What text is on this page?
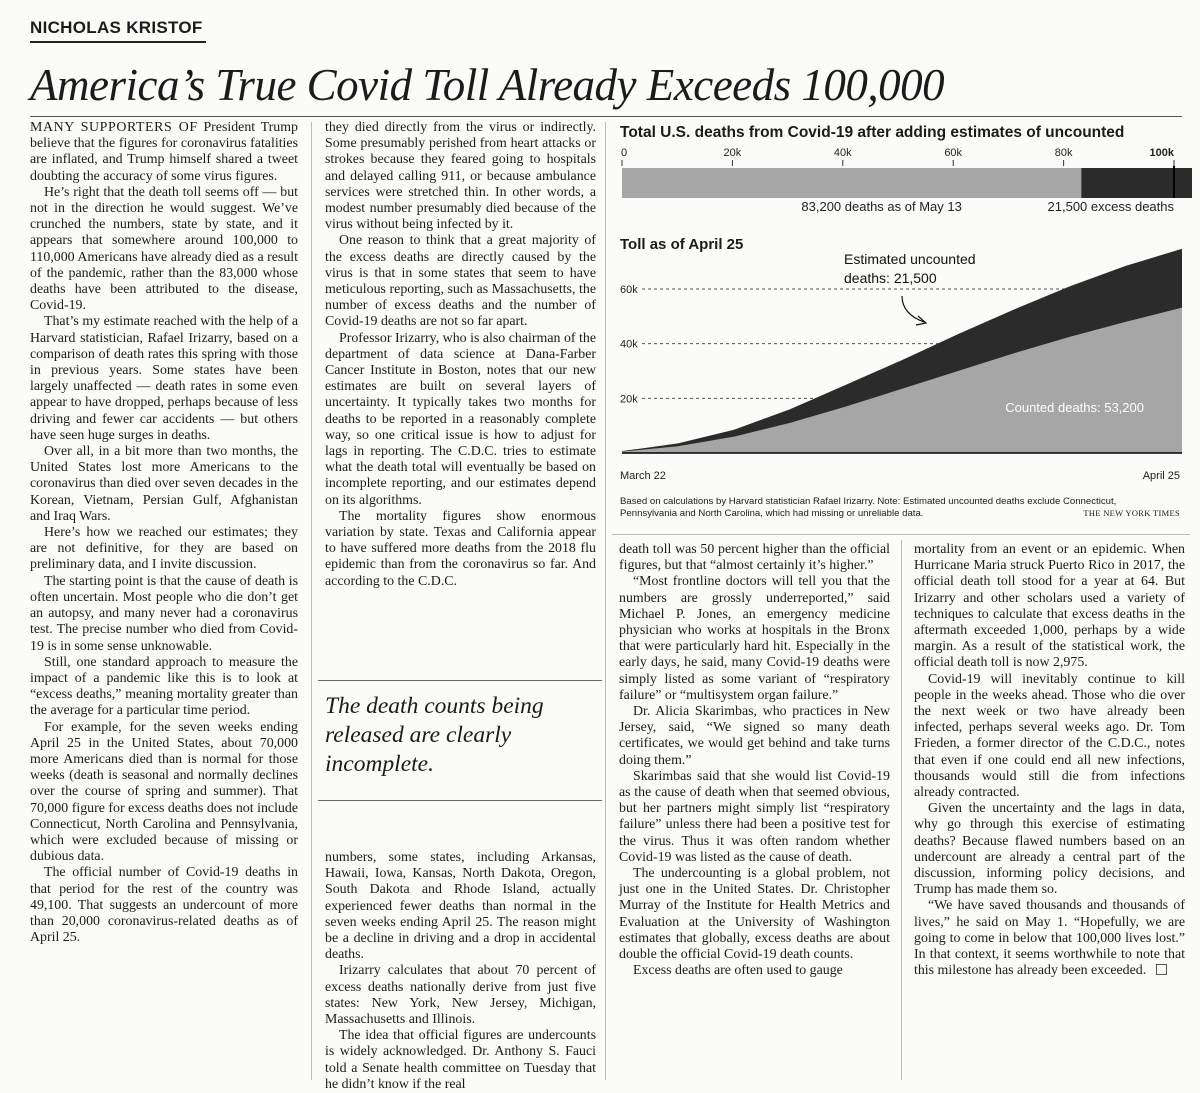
NICHOLAS KRISTOF
America’s True Covid Toll Already Exceeds 100,000

MANY SUPPORTERS OF President Trump believe that the figures for coronavirus fatalities are inflated, and Trump himself shared a tweet doubting the accuracy of some virus figures.

He’s right that the death toll seems off — but not in the direction he would suggest. We’ve crunched the numbers, state by state, and it appears that somewhere around 100,000 to 110,000 Americans have already died as a result of the pandemic, rather than the 83,000 whose deaths have been attributed to the disease, Covid-19.

That’s my estimate reached with the help of a Harvard statistician, Rafael Irizarry, based on a comparison of death rates this spring with those in previous years. Some states have been largely unaffected — death rates in some even appear to have dropped, perhaps because of less driving and fewer car accidents — but others have seen huge surges in deaths.

Over all, in a bit more than two months, the United States lost more Americans to the coronavirus than died over seven decades in the Korean, Vietnam, Persian Gulf, Afghanistan and Iraq Wars.

Here’s how we reached our estimates; they are not definitive, for they are based on preliminary data, and I invite discussion.

The starting point is that the cause of death is often uncertain. Most people who die don’t get an autopsy, and many never had a coronavirus test. The precise number who died from Covid-19 is in some sense unknowable.

Still, one standard approach to measure the impact of a pandemic like this is to look at “excess deaths,” meaning mortality greater than the average for a particular time period.

For example, for the seven weeks ending April 25 in the United States, about 70,000 more Americans died than is normal for those weeks (death is seasonal and normally declines over the course of spring and summer). That 70,000 figure for excess deaths does not include Connecticut, North Carolina and Pennsylvania, which were excluded because of missing or dubious data.

The official number of Covid-19 deaths in that period for the rest of the country was 49,100. That suggests an undercount of more than 20,000 coronavirus-related deaths as of April 25.

they died directly from the virus or indirectly. Some presumably perished from heart attacks or strokes because they feared going to hospitals and delayed calling 911, or because ambulance services were stretched thin. In other words, a modest number presumably died because of the virus without being infected by it.

One reason to think that a great majority of the excess deaths are directly caused by the virus is that in some states that seem to have meticulous reporting, such as Massachusetts, the number of excess deaths and the number of Covid-19 deaths are not so far apart.

Professor Irizarry, who is also chairman of the department of data science at Dana-Farber Cancer Institute in Boston, notes that our new estimates are built on several layers of uncertainty. It typically takes two months for deaths to be reported in a reasonably complete way, so one critical issue is how to adjust for lags in reporting. The C.D.C. tries to estimate what the death total will eventually be based on incomplete reporting, and our estimates depend on its algorithms.

The mortality figures show enormous variation by state. Texas and California appear to have suffered more deaths from the 2018 flu epidemic than from the coronavirus so far. And according to the C.D.C.

The death counts being released are clearly incomplete.

numbers, some states, including Arkansas, Hawaii, Iowa, Kansas, North Dakota, Oregon, South Dakota and Rhode Island, actually experienced fewer deaths than normal in the seven weeks ending April 25. The reason might be a decline in driving and a drop in accidental deaths.

Irizarry calculates that about 70 percent of excess deaths nationally derive from just five states: New York, New Jersey, Michigan, Massachusetts and Illinois.

The idea that official figures are undercounts is widely acknowledged. Dr. Anthony S. Fauci told a Senate health committee on Tuesday that he didn’t know if the real

0	20k	40k	60k	80k	100k
83,200 deaths as of May 13	21,500 excess deaths
20k
40k
60k
March 22	April 25
Estimated uncounted
deaths: 21,500
Counted deaths: 53,200
Total U.S. deaths from Covid-19 after adding estimates of uncounted
Toll as of April 25
Based on calculations by Harvard statistician Rafael Irizarry. Note: Estimated uncounted deaths exclude Connecticut, Pennsylvania and North Carolina, which had missing or unreliable data.	THE NEW YORK TIMES

death toll was 50 percent higher than the official figures, but that “almost certainly it’s higher.”

“Most frontline doctors will tell you that the numbers are grossly underreported,” said Michael P. Jones, an emergency medicine physician who works at hospitals in the Bronx that were particularly hard hit. Especially in the early days, he said, many Covid-19 deaths were simply listed as some variant of “respiratory failure” or “multisystem organ failure.”

Dr. Alicia Skarimbas, who practices in New Jersey, said, “We signed so many death certificates, we would get behind and take turns doing them.”

Skarimbas said that she would list Covid-19 as the cause of death when that seemed obvious, but her partners might simply list “respiratory failure” unless there had been a positive test for the virus. Thus it was often random whether Covid-19 was listed as the cause of death.

The undercounting is a global problem, not just one in the United States. Dr. Christopher Murray of the Institute for Health Metrics and Evaluation at the University of Washington estimates that globally, excess deaths are about double the official Covid-19 death counts.

Excess deaths are often used to gauge

mortality from an event or an epidemic. When Hurricane Maria struck Puerto Rico in 2017, the official death toll stood for a year at 64. But Irizarry and other scholars used a variety of techniques to calculate that excess deaths in the aftermath exceeded 1,000, perhaps by a wide margin. As a result of the statistical work, the official death toll is now 2,975.

Covid-19 will inevitably continue to kill people in the weeks ahead. Those who die over the next week or two have already been infected, perhaps several weeks ago. Dr. Tom Frieden, a former director of the C.D.C., notes that even if one could end all new infections, thousands would still die from infections already contracted.

Given the uncertainty and the lags in data, why go through this exercise of estimating deaths? Because flawed numbers based on an undercount are already a central part of the discussion, informing policy decisions, and Trump has made them so.

“We have saved thousands and thousands of lives,” he said on May 1. “Hopefully, we are going to come in below that 100,000 lives lost.” In that context, it seems worthwhile to note that this milestone has already been exceeded.
